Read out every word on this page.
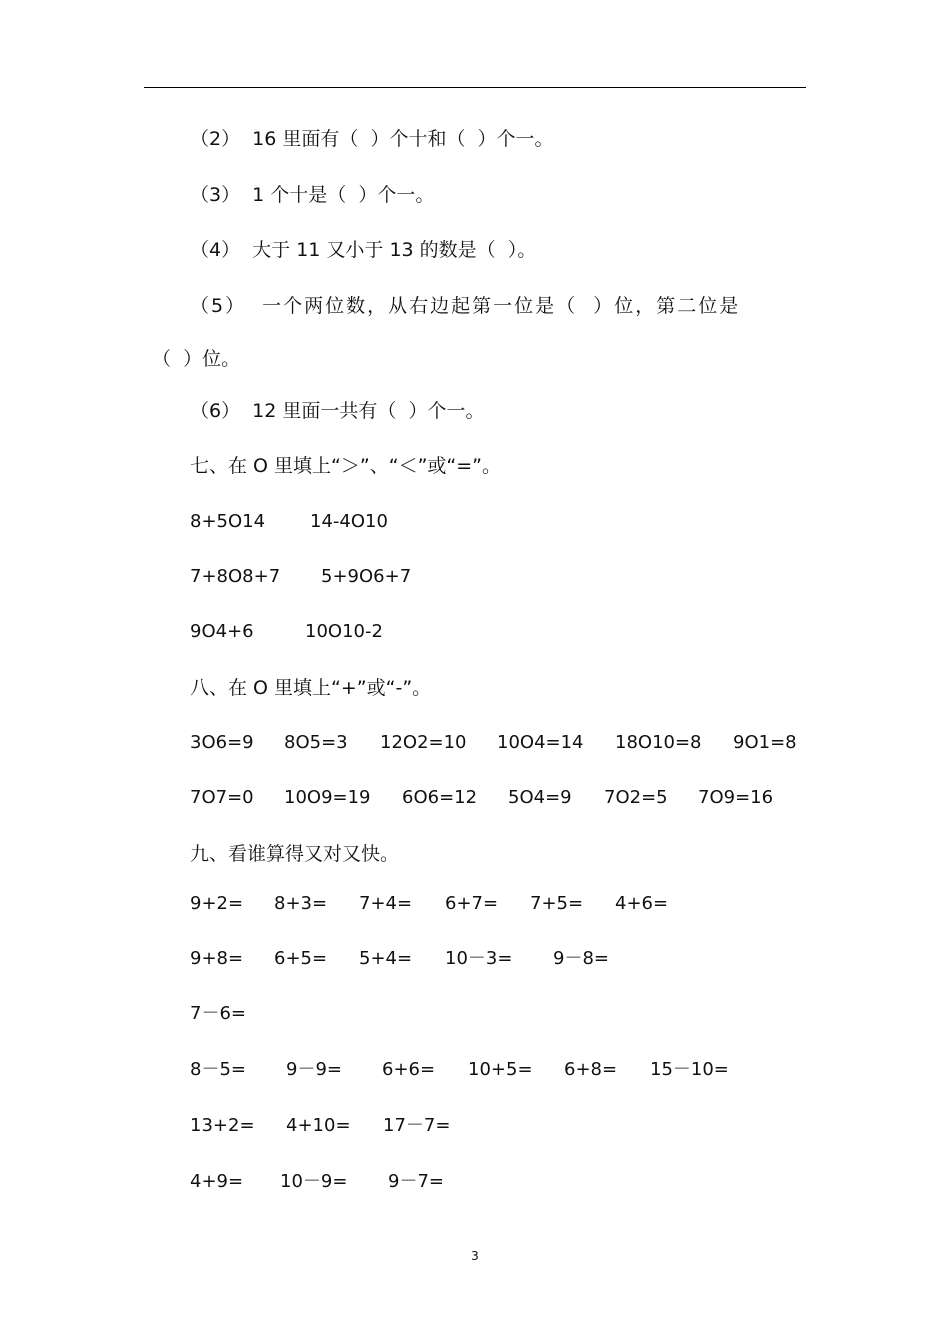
（2）  16 里面有（  ）个十和（  ）个一。
（3）  1 个十是（  ）个一。
（4）  大于 11 又小于 13 的数是（  ）。
（5）  一个两位数，从右边起第一位是（  ）位，第二位是
（  ）位。
（6）  12 里面一共有（  ）个一。
七、在 O 里填上“＞”、“＜”或“=”。

8+5O14

14-4O10

7+8O8+7

5+9O6+7

9O4+6

	10O10-2

八、在 O 里填上“+”或“-”。

3O6=9

8O5=3

12O2=10

10O4=14

18O10=8

9O1=8

7O7=0

10O9=19

6O6=12

5O4=9

7O2=5

7O9=16

九、看谁算得又对又快。

9+2=

8+3=

7+4=

6+7=

7+5=

4+6=

9+8=

6+5=

5+4=

10－3=

9－8=

7－6=

8－5=

9－9=

6+6=

10+5=

6+8=

15－10=

13+2=

4+10=

17－7=

4+9=

10－9=

9－7=

3
